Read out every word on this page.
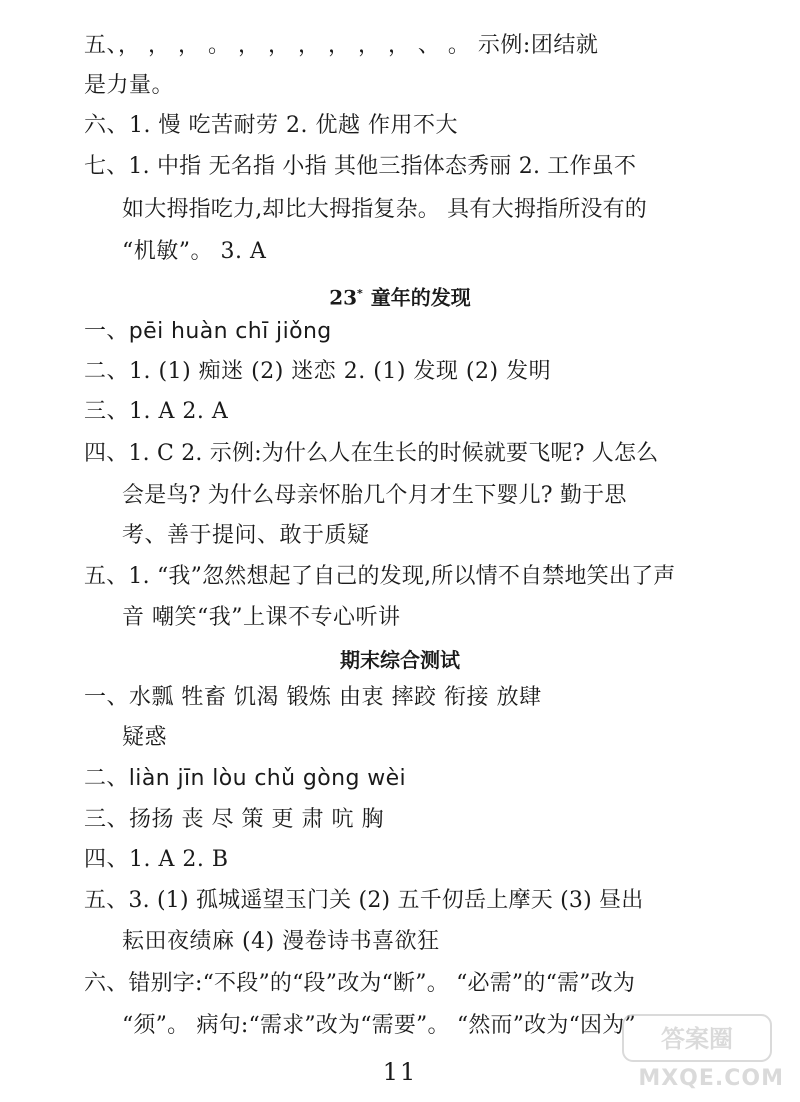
五、， ， ， 。 ， ， ， ， ， ， 、 。 示例:团结就
是力量。
六、1. 慢 吃苦耐劳 2. 优越 作用不大
七、1. 中指 无名指 小指 其他三指体态秀丽 2. 工作虽不
如大拇指吃力,却比大拇指复杂。 具有大拇指所没有的
“机敏”。 3. A
23* 童年的发现
一、pēi huàn chī jiǒng
二、1. (1) 痴迷 (2) 迷恋 2. (1) 发现 (2) 发明
三、1. A 2. A
四、1. C 2. 示例:为什么人在生长的时候就要飞呢? 人怎么
会是鸟? 为什么母亲怀胎几个月才生下婴儿? 勤于思
考、善于提问、敢于质疑
五、1. “我”忽然想起了自己的发现,所以情不自禁地笑出了声
音 嘲笑“我”上课不专心听讲
期末综合测试
一、水瓢 牲畜 饥渴 锻炼 由衷 摔跤 衔接 放肆
疑惑
二、liàn jīn lòu chǔ gòng wèi
三、扬扬 丧 尽 策 更 肃 吭 胸
四、1. A 2. B
五、3. (1) 孤城遥望玉门关 (2) 五千仞岳上摩天 (3) 昼出
耘田夜绩麻 (4) 漫卷诗书喜欲狂
六、错别字:“不段”的“段”改为“断”。 “必需”的“需”改为
“须”。 病句:“需求”改为“需要”。 “然而”改为“因为”
11
答案圈
MXQE.COM
